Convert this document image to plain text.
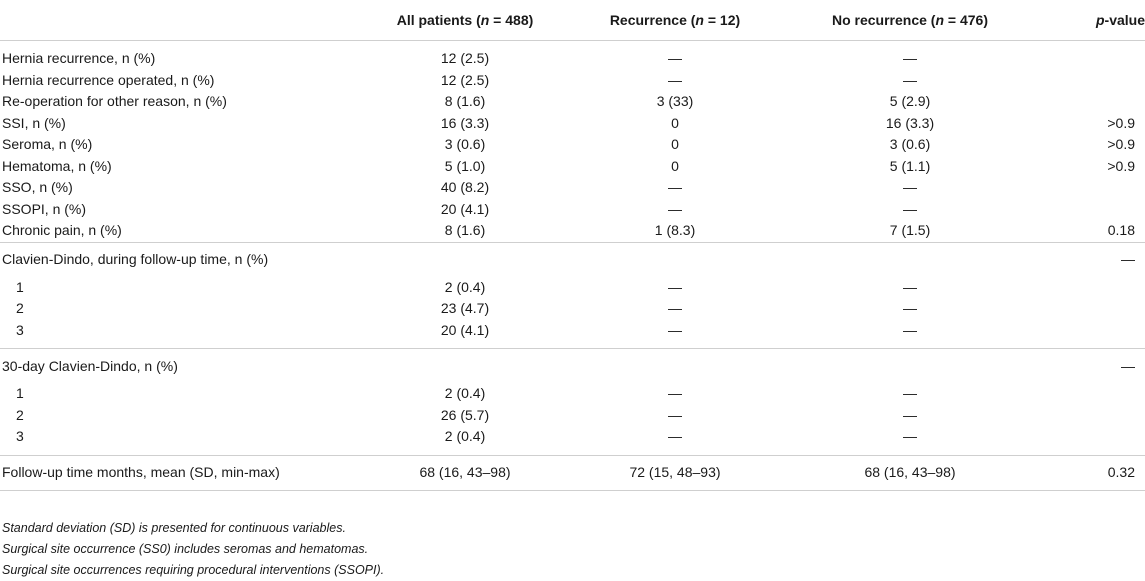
	All patients (n = 488)	Recurrence (n = 12)	No recurrence (n = 476)	p-value

Hernia recurrence, n (%)	12 (2.5)	—	—	
Hernia recurrence operated, n (%)	12 (2.5)	—	—	
Re-operation for other reason, n (%)	8 (1.6)	3 (33)	5 (2.9)	
SSI, n (%)	16 (3.3)	0	16 (3.3)	>0.9
Seroma, n (%)	3 (0.6)	0	3 (0.6)	>0.9
Hematoma, n (%)	5 (1.0)	0	5 (1.1)	>0.9
SSO, n (%)	40 (8.2)	—	—	
SSOPI, n (%)	20 (4.1)	—	—	
Chronic pain, n (%)	8 (1.6)	1 (8.3)	7 (1.5)	0.18
Clavien-Dindo, during follow-up time, n (%)				—
1	2 (0.4)	—	—	
2	23 (4.7)	—	—	
3	20 (4.1)	—	—	

30-day Clavien-Dindo, n (%)				—
1	2 (0.4)	—	—	
2	26 (5.7)	—	—	
3	2 (0.4)	—	—	

Follow-up time months, mean (SD, min-max)	68 (16, 43–98)	72 (15, 48–93)	68 (16, 43–98)	0.32
Standard deviation (SD) is presented for continuous variables.
Surgical site occurrence (SS0) includes seromas and hematomas.
Surgical site occurrences requiring procedural interventions (SSOPI).
